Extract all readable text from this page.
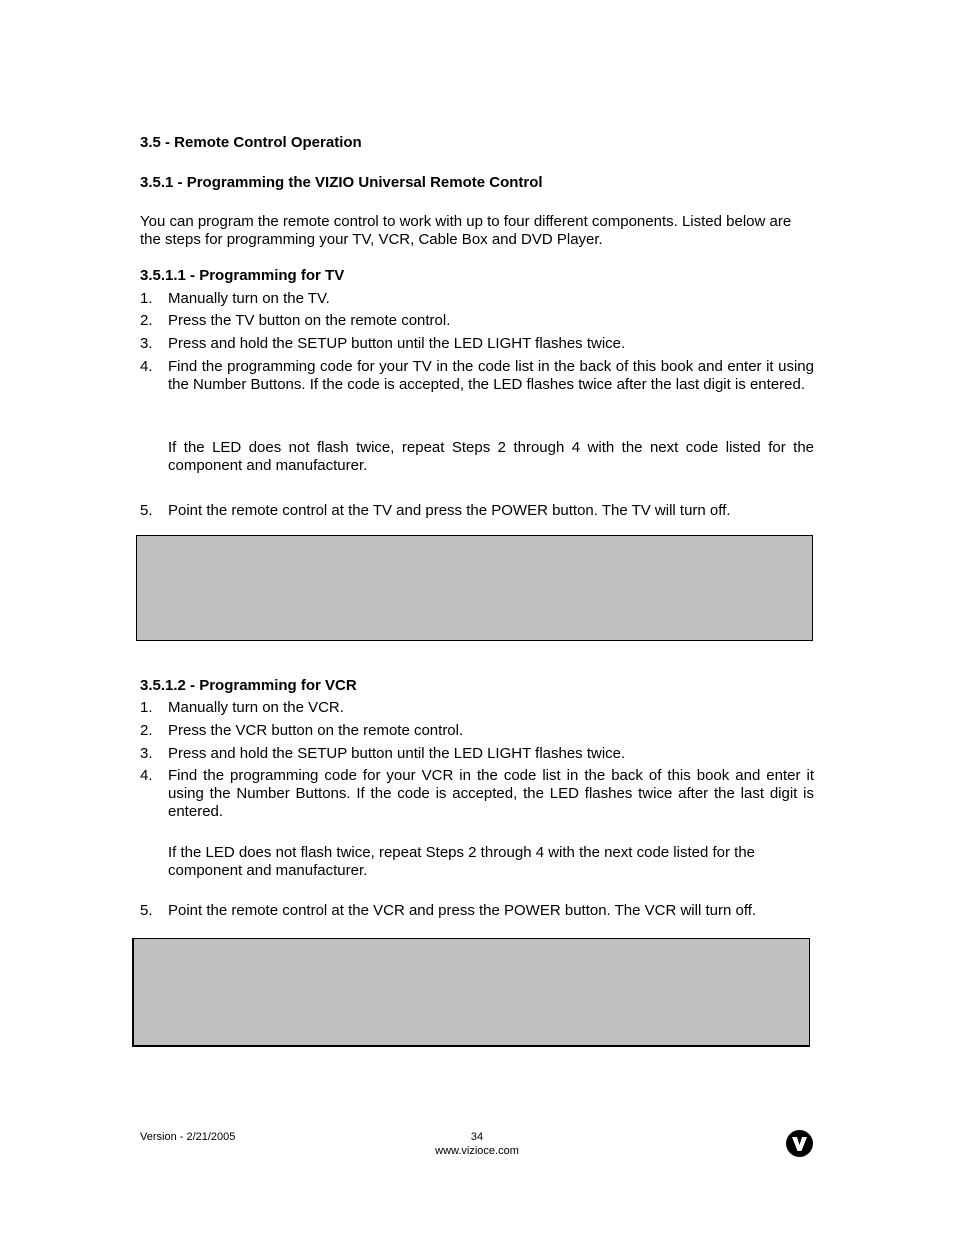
3.5 - Remote Control Operation
3.5.1 - Programming the VIZIO Universal Remote Control
You can program the remote control to work with up to four different components. Listed below are the steps for programming your TV, VCR, Cable Box and DVD Player.
3.5.1.1 - Programming for TV
1. Manually turn on the TV.
2. Press the TV button on the remote control.
3. Press and hold the SETUP button until the LED LIGHT flashes twice.
4. Find the programming code for your TV in the code list in the back of this book and enter it using the Number Buttons. If the code is accepted, the LED flashes twice after the last digit is entered.
If the LED does not flash twice, repeat Steps 2 through 4 with the next code listed for the component and manufacturer.
5. Point the remote control at the TV and press the POWER button. The TV will turn off.
3.5.1.2 - Programming for VCR
1. Manually turn on the VCR.
2. Press the VCR button on the remote control.
3. Press and hold the SETUP button until the LED LIGHT flashes twice.
4. Find the programming code for your VCR in the code list in the back of this book and enter it using the Number Buttons. If the code is accepted, the LED flashes twice after the last digit is entered.
If the LED does not flash twice, repeat Steps 2 through 4 with the next code listed for the component and manufacturer.
5. Point the remote control at the VCR and press the POWER button. The VCR will turn off.
Version - 2/21/2005	34
www.vizioce.com
